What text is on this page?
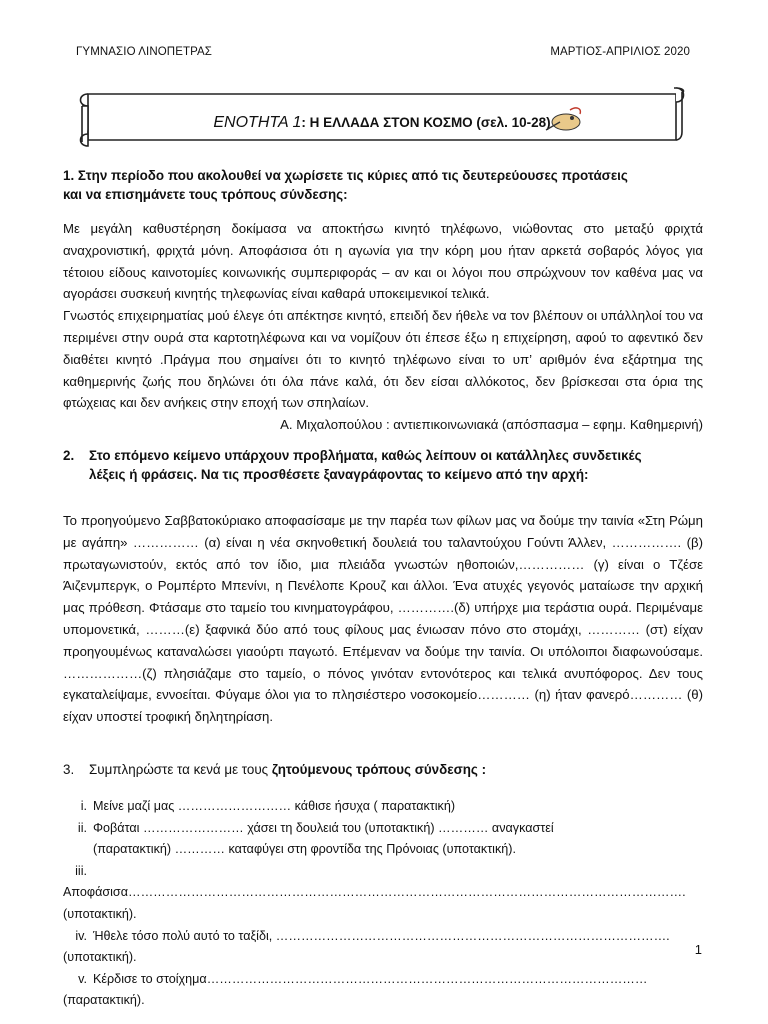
ΓΥΜΝΑΣΙΟ ΛΙΝΟΠΕΤΡΑΣ	ΜΑΡΤΙΟΣ-ΑΠΡΙΛΙΟΣ 2020
ΕΝΟΤΗΤΑ 1: Η ΕΛΛΑΔΑ ΣΤΟΝ ΚΟΣΜΟ (σελ. 10-28)
1. Στην περίοδο που ακολουθεί να χωρίσετε τις κύριες από τις δευτερεύουσες προτάσεις
και να επισημάνετε τους τρόπους σύνδεσης:

Με μεγάλη καθυστέρηση δοκίμασα να αποκτήσω κινητό τηλέφωνο, νιώθοντας στο μεταξύ φριχτά αναχρονιστική, φριχτά μόνη. Αποφάσισα ότι η αγωνία για την κόρη μου ήταν αρκετά σοβαρός λόγος για τέτοιου είδους καινοτομίες κοινωνικής συμπεριφοράς – αν και οι λόγοι που σπρώχνουν τον καθένα μας να αγοράσει συσκευή κινητής τηλεφωνίας είναι καθαρά υποκειμενικοί τελικά.

Γνωστός επιχειρηματίας μού έλεγε ότι απέκτησε κινητό, επειδή δεν ήθελε να τον βλέπουν οι υπάλληλοί του να περιμένει στην ουρά στα καρτοτηλέφωνα και να νομίζουν ότι έπεσε έξω η επιχείρηση, αφού το αφεντικό δεν διαθέτει κινητό .Πράγμα που σημαίνει ότι το κινητό τηλέφωνο είναι το υπ’ αριθμόν ένα εξάρτημα της καθημερινής ζωής που δηλώνει ότι όλα πάνε καλά, ότι δεν είσαι αλλόκοτος, δεν βρίσκεσαι στα όρια της φτώχειας και δεν ανήκεις στην εποχή των σπηλαίων.

Α. Μιχαλοπούλου : αντιεπικοινωνιακά (απόσπασμα – εφημ. Καθημερινή)

2.	Στο επόμενο κείμενο υπάρχουν προβλήματα, καθώς λείπουν οι κατάλληλες συνδετικές
λέξεις ή φράσεις. Να τις προσθέσετε ξαναγράφοντας το κείμενο από την αρχή:

Το προηγούμενο Σαββατοκύριακο αποφασίσαμε με την παρέα των φίλων μας να δούμε την ταινία «Στη Ρώμη με αγάπη» …………… (α) είναι η νέα σκηνοθετική δουλειά του ταλαντούχου Γούντι Άλλεν, ……………. (β) πρωταγωνιστούν, εκτός από τον ίδιο, μια πλειάδα γνωστών ηθοποιών,…………… (γ) είναι ο Τζέσε Άιζενμπεργκ, ο Ρομπέρτο Μπενίνι, η Πενέλοπε Κρουζ και άλλοι. Ένα ατυχές γεγονός ματαίωσε την αρχική μας πρόθεση. Φτάσαμε στο ταμείο του κινηματογράφου, ………….(δ) υπήρχε μια τεράστια ουρά. Περιμέναμε υπομονετικά, ………(ε) ξαφνικά δύο από τους φίλους μας ένιωσαν πόνο στο στομάχι, ………… (στ) είχαν προηγουμένως καταναλώσει γιαούρτι παγωτό. Επέμεναν να δούμε την ταινία. Οι υπόλοιποι διαφωνούσαμε. ………………(ζ) πλησιάζαμε στο ταμείο, ο πόνος γινόταν εντονότερος και τελικά ανυπόφορος. Δεν τους εγκαταλείψαμε, εννοείται. Φύγαμε όλοι για το πλησιέστερο νοσοκομείο………… (η) ήταν φανερό………… (θ) είχαν υποστεί τροφική δηλητηρίαση.

3. Συμπληρώστε τα κενά με τους ζητούμενους τρόπους σύνδεσης :
i. Μείνε μαζί μας ……………………… κάθισε ήσυχα ( παρατακτική)
ii. Φοβάται …………………… χάσει τη δουλειά του (υποτακτική) ………… αναγκαστεί
(παρατακτική) ………… καταφύγει στη φροντίδα της Πρόνοιας (υποτακτική).
iii.Αποφάσισα…………………………………………………………………………………………………………………….(υποτακτική).
iv. Ήθελε τόσο πολύ αυτό το ταξίδι, ………………………………………………………………………………….(υποτακτική).
v. Κέρδισε το στοίχημα……………………………………………………………………………………………(παρατακτική).
1
